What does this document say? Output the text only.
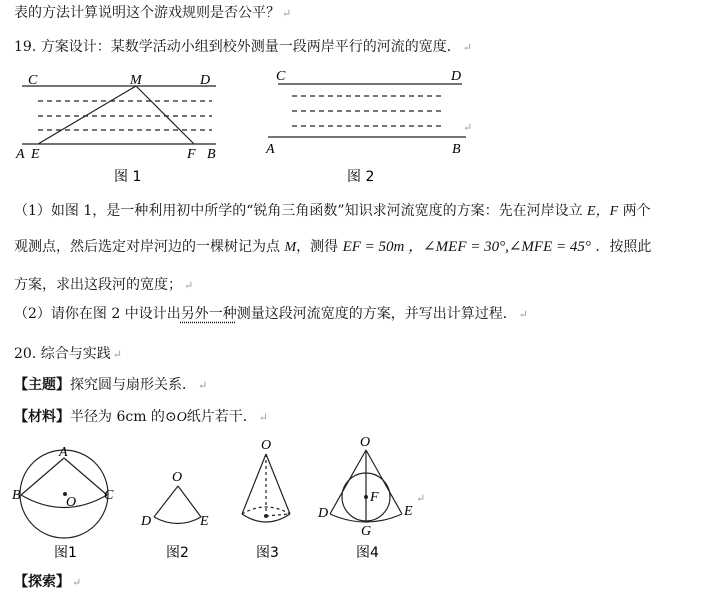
表的方法计算说明这个游戏规则是否公平？ ↵
19. 方案设计：某数学活动小组到校外测量一段两岸平行的河流的宽度． ↵
C	M	D
A E	F B
图 1
C	D
A	B
↵
图 2
（1）如图 1，是一种利用初中所学的“锐角三角函数”知识求河流宽度的方案：先在河岸设立 E，F 两个
观测点，然后选定对岸河边的一棵树记为点 M，测得 EF = 50m ，∠MEF = 30°,∠MFE = 45° ．按照此
方案，求出这段河的宽度； ↵
（2）请你在图 2 中设计出另外一种测量这段河流宽度的方案，并写出计算过程． ↵
20. 综合与实践 ↵
【主题】探究圆与扇形关系． ↵
【材料】半径为 6cm 的⊙O纸片若干． ↵
A
B	C
O
图1
O
D	E
图2
O
图3
O
F
D	E
G
↵
图4
【探索】 ↵
